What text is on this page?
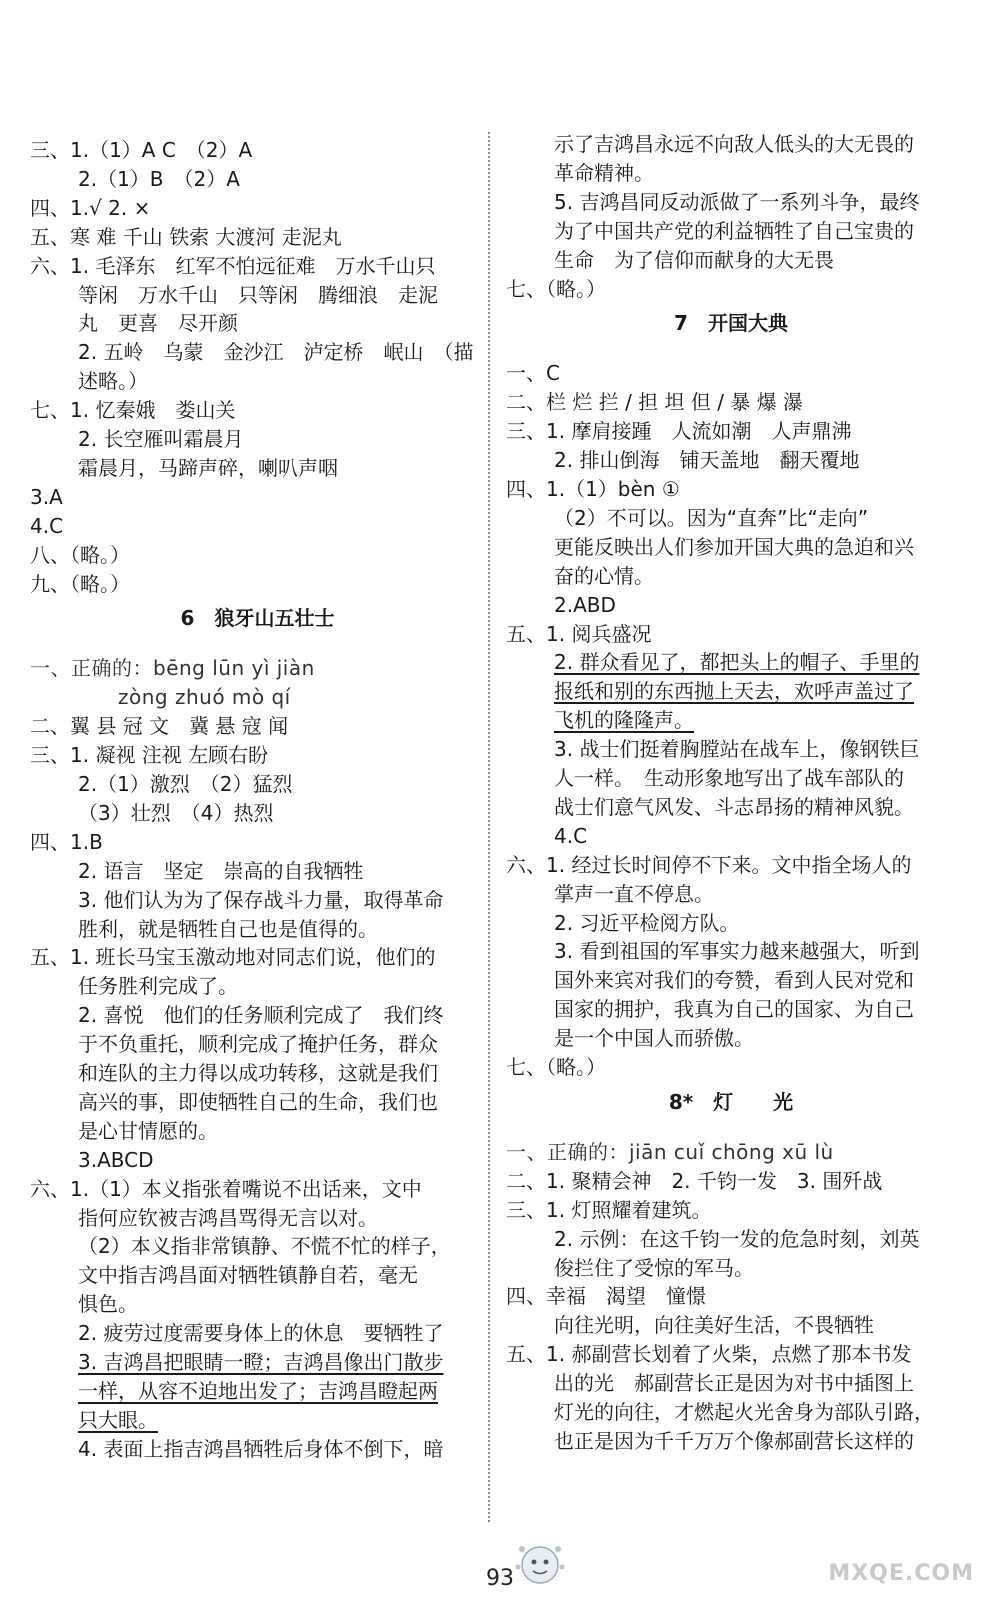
三、1.（1）A C　（2）A
2.（1）B　（2）A
四、1.√ 2. ×
五、寒 难 千山 铁索 大渡河 走泥丸
六、1. 毛泽东　红军不怕远征难　万水千山只
等闲　万水千山　只等闲　腾细浪　走泥
丸　更喜　尽开颜
2. 五岭　乌蒙　金沙江　泸定桥　岷山　（描
述略。）
七、1. 忆秦娥　娄山关
2. 长空雁叫霜晨月
霜晨月，马蹄声碎，喇叭声咽
3.A
4.C
八、（略。）
九、（略。）
6　狼牙山五壮士
一、正确的：bēng lūn yì jiàn
zòng zhuó mò qí
二、翼 县 冠 文　冀 悬 寇 闻
三、1. 凝视 注视 左顾右盼
2.（1）激烈　（2）猛烈
（3）壮烈　（4）热烈
四、1.B
2. 语言　坚定　崇高的自我牺牲
3. 他们认为为了保存战斗力量，取得革命
胜利，就是牺牲自己也是值得的。
五、1. 班长马宝玉激动地对同志们说，他们的
任务胜利完成了。
2. 喜悦　他们的任务顺利完成了　我们终
于不负重托，顺利完成了掩护任务，群众
和连队的主力得以成功转移，这就是我们
高兴的事，即使牺牲自己的生命，我们也
是心甘情愿的。
3.ABCD
六、1.（1）本义指张着嘴说不出话来，文中
指何应钦被吉鸿昌骂得无言以对。
（2）本义指非常镇静、不慌不忙的样子，
文中指吉鸿昌面对牺牲镇静自若，毫无
惧色。
2. 疲劳过度需要身体上的休息　要牺牲了
3. 吉鸿昌把眼睛一瞪；吉鸿昌像出门散步
一样，从容不迫地出发了；吉鸿昌瞪起两
只大眼。
4. 表面上指吉鸿昌牺牲后身体不倒下，暗
示了吉鸿昌永远不向敌人低头的大无畏的
革命精神。
5. 吉鸿昌同反动派做了一系列斗争，最终
为了中国共产党的利益牺牲了自己宝贵的
生命　为了信仰而献身的大无畏
七、（略。）
7　开国大典
一、C
二、栏 烂 拦 / 担 坦 但 / 暴 爆 瀑
三、1. 摩肩接踵　人流如潮　人声鼎沸
2. 排山倒海　铺天盖地　翻天覆地
四、1.（1）bèn ①
（2）不可以。因为“直奔”比“走向”
更能反映出人们参加开国大典的急迫和兴
奋的心情。
2.ABD
五、1. 阅兵盛况
2. 群众看见了，都把头上的帽子、手里的
报纸和别的东西抛上天去，欢呼声盖过了
飞机的隆隆声。
3. 战士们挺着胸膛站在战车上，像钢铁巨
人一样。　生动形象地写出了战车部队的
战士们意气风发、斗志昂扬的精神风貌。
4.C
六、1. 经过长时间停不下来。文中指全场人的
掌声一直不停息。
2. 习近平检阅方队。
3. 看到祖国的军事实力越来越强大，听到
国外来宾对我们的夸赞，看到人民对党和
国家的拥护，我真为自己的国家、为自己
是一个中国人而骄傲。
七、（略。）
8*　灯　　光
一、正确的：jiān cuǐ chōng xū lù
二、1. 聚精会神　2. 千钧一发　3. 围歼战
三、1. 灯照耀着建筑。
2. 示例：在这千钧一发的危急时刻，刘英
俊拦住了受惊的军马。
四、幸福　渴望　憧憬
向往光明，向往美好生活，不畏牺牲
五、1. 郝副营长划着了火柴，点燃了那本书发
出的光　郝副营长正是因为对书中插图上
灯光的向往，才燃起火光舍身为部队引路，
也正是因为千千万万个像郝副营长这样的
93	MXQE.COM
